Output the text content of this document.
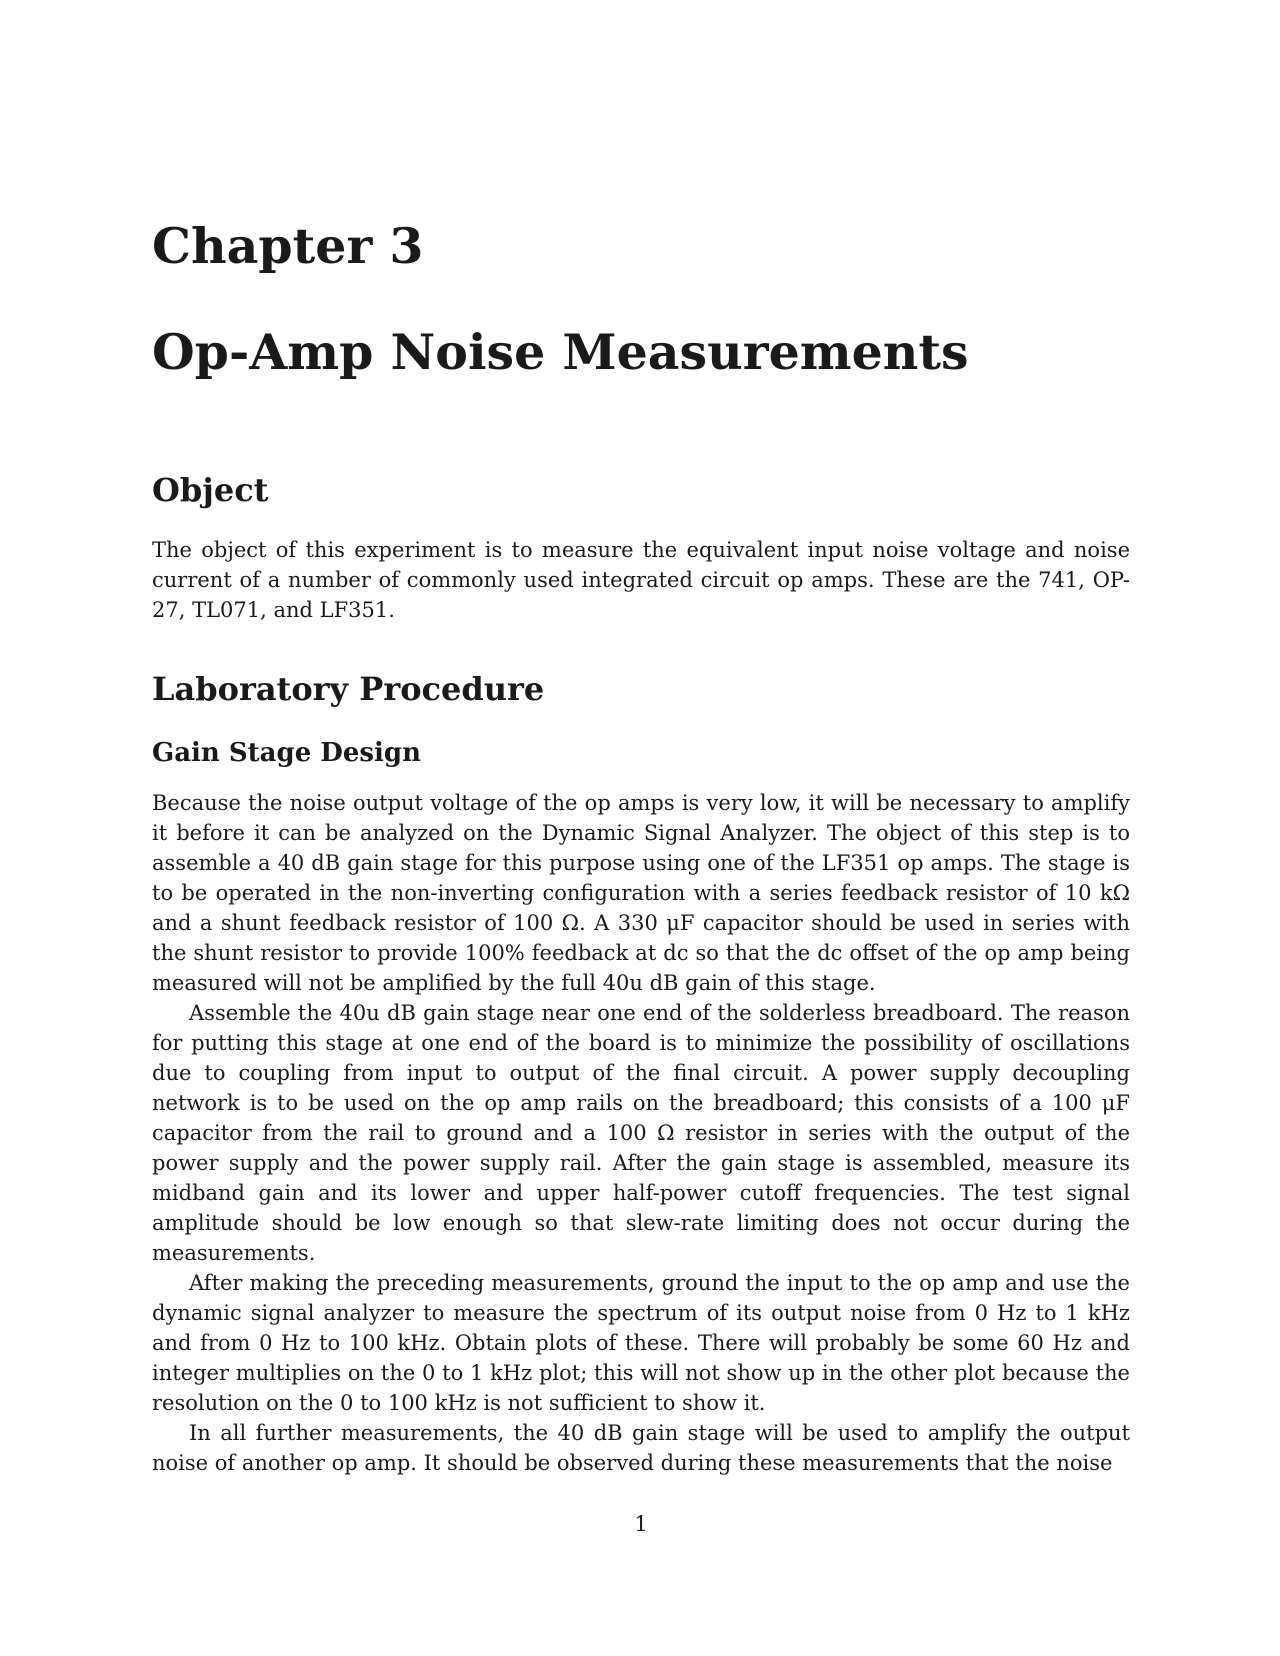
Chapter 3
Op-Amp Noise Measurements
Object

The object of this experiment is to measure the equivalent input noise voltage and noise current of a number of commonly used integrated circuit op amps. These are the 741, OP-27, TL071, and LF351.

Laboratory Procedure
Gain Stage Design

Because the noise output voltage of the op amps is very low, it will be necessary to amplify it before it can be analyzed on the Dynamic Signal Analyzer. The object of this step is to assemble a 40 dB gain stage for this purpose using one of the LF351 op amps. The stage is to be operated in the non-inverting configuration with a series feedback resistor of 10 kΩ and a shunt feedback resistor of 100 Ω. A 330 μF capacitor should be used in series with the shunt resistor to provide 100% feedback at dc so that the dc offset of the op amp being measured will not be amplified by the full 40u dB gain of this stage.

Assemble the 40u dB gain stage near one end of the solderless breadboard. The reason for putting this stage at one end of the board is to minimize the possibility of oscillations due to coupling from input to output of the final circuit. A power supply decoupling network is to be used on the op amp rails on the breadboard; this consists of a 100 μF capacitor from the rail to ground and a 100 Ω resistor in series with the output of the power supply and the power supply rail. After the gain stage is assembled, measure its midband gain and its lower and upper half-power cutoff frequencies. The test signal amplitude should be low enough so that slew-rate limiting does not occur during the measurements.

After making the preceding measurements, ground the input to the op amp and use the dynamic signal analyzer to measure the spectrum of its output noise from 0 Hz to 1 kHz and from 0 Hz to 100 kHz. Obtain plots of these. There will probably be some 60 Hz and integer multiplies on the 0 to 1 kHz plot; this will not show up in the other plot because the resolution on the 0 to 100 kHz is not sufficient to show it.

In all further measurements, the 40 dB gain stage will be used to amplify the output noise of another op amp. It should be observed during these measurements that the noise

1
